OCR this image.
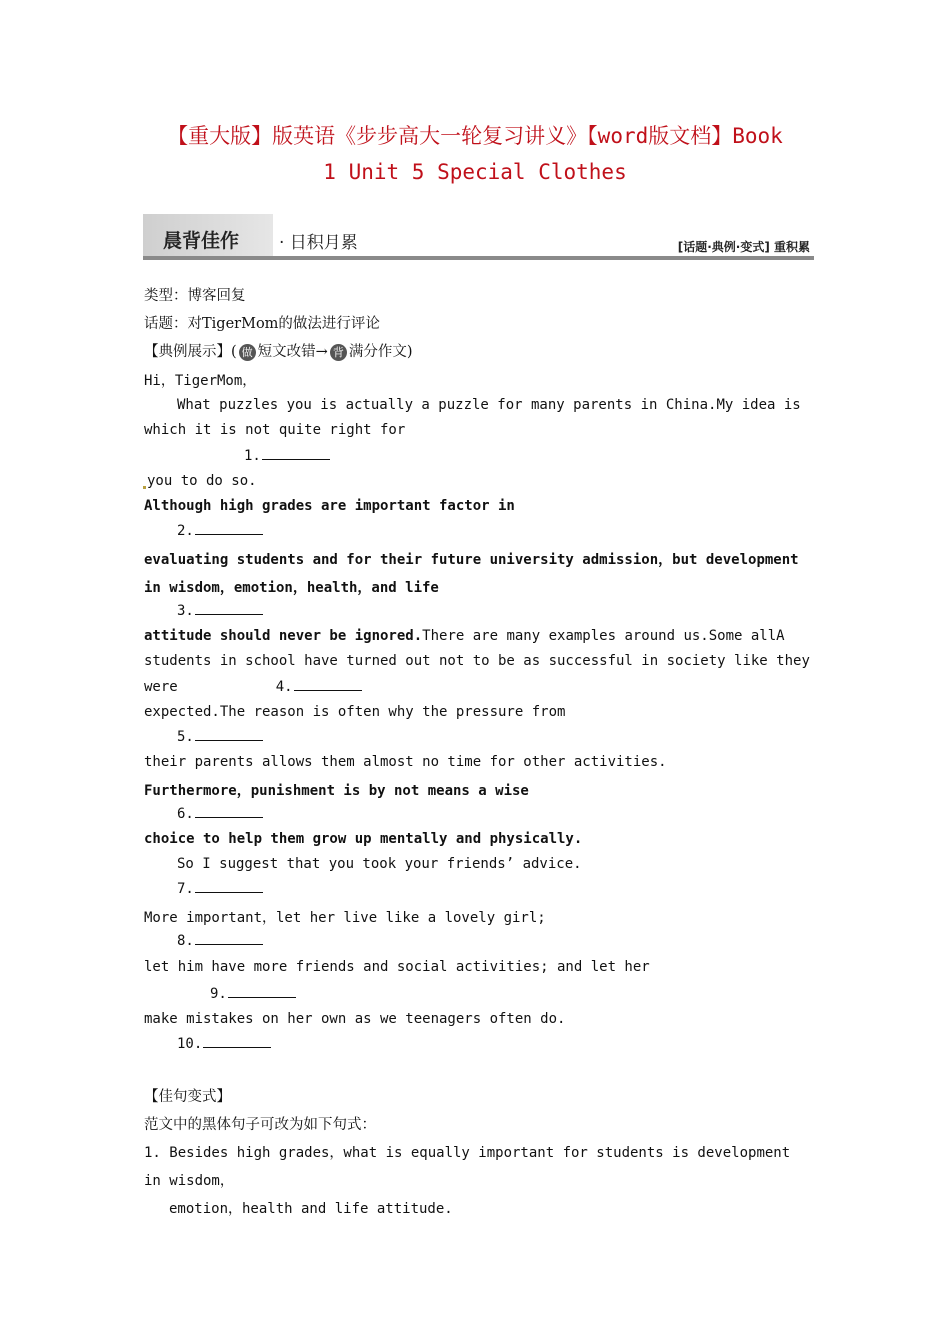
【重大版】版英语《步步高大一轮复习讲义》【word版文档】Book
1 Unit 5 Special Clothes
晨背佳作 · 日积月累	[话题·典例·变式] 重积累
类型：博客回复
话题：对TigerMom的做法进行评论
【典例展示】( 做 短文改错→ 背 满分作文)
Hi，TigerMom，
What puzzles you is actually a puzzle for many parents in China.My idea is
which it is not quite right for
1.
you to do so.
Although high grades are important factor in
2.
evaluating students and for their future university admission，but development
in wisdom，emotion，health，and life
3.
attitude should never be ignored.There are many examples around us.Some allA
students in school have turned out not to be as successful in society like they
were	4.
expected.The reason is often why the pressure from
5.
their parents allows them almost no time for other activities.
Furthermore，punishment is by not means a wise
6.
choice to help them grow up mentally and physically.
So I suggest that you took your friends’ advice.
7.
More important，let her live like a lovely girl;
8.
let him have more friends and social activities; and let her
9.
make mistakes on her own as we teenagers often do.
10.
【佳句变式】
范文中的黑体句子可改为如下句式：
1. Besides high grades，what is equally important for students is development
in wisdom，
emotion，health and life attitude.
